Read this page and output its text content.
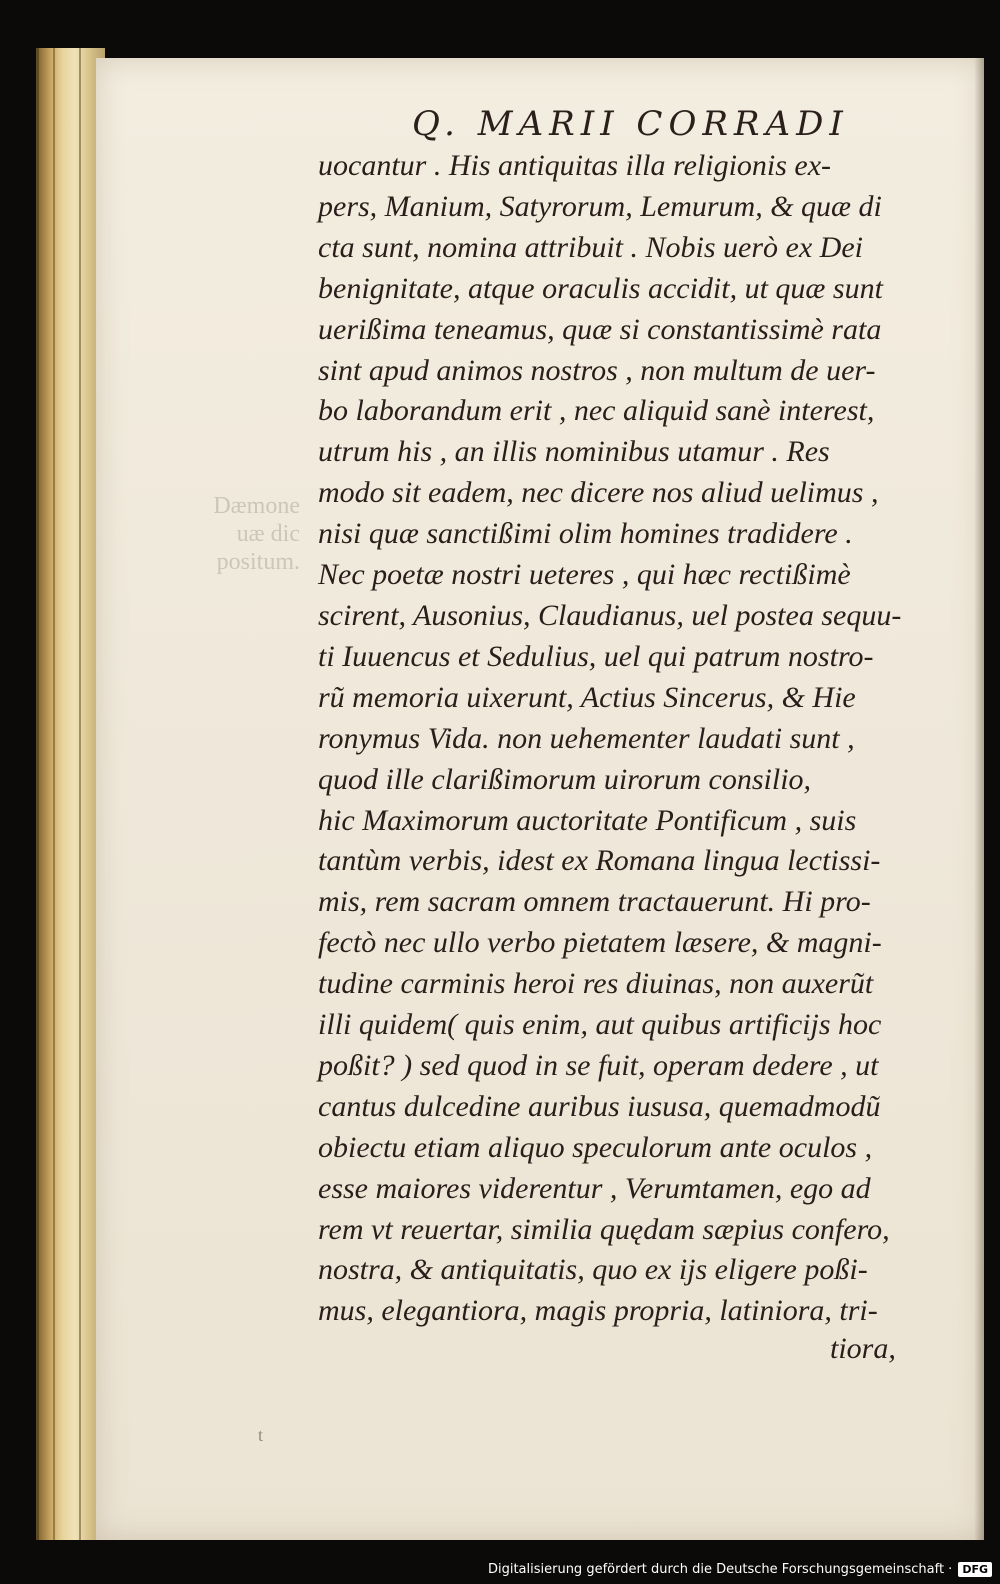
Dæmone
uæ dic
positum.
Q. MARII CORRADI
uocantur . His antiquitas illa religionis ex-
pers, Manium, Satyrorum, Lemurum, & quæ di
cta sunt, nomina attribuit . Nobis uerò ex Dei
benignitate, atque oraculis accidit, ut quæ sunt
uerißima teneamus, quæ si constantissimè rata
sint apud animos nostros , non multum de uer-
bo laborandum erit , nec aliquid sanè interest,
utrum his , an illis nominibus utamur . Res
modo sit eadem, nec dicere nos aliud uelimus ,
nisi quæ sanctißimi olim homines tradidere .
Nec poetæ nostri ueteres , qui hæc rectißimè
scirent, Ausonius, Claudianus, uel postea sequu-
ti Iuuencus et Sedulius, uel qui patrum nostro-
rũ memoria uixerunt, Actius Sincerus, & Hie
ronymus Vida. non uehementer laudati sunt ,
quod ille clarißimorum uirorum consilio,
hic Maximorum auctoritate Pontificum , suis
tantùm verbis, idest ex Romana lingua lectissi-
mis, rem sacram omnem tractauerunt. Hi pro-
fectò nec ullo verbo pietatem læsere, & magni-
tudine carminis heroi res diuinas, non auxerũt
illi quidem( quis enim, aut quibus artificijs hoc
poßit? ) sed quod in se fuit, operam dedere , ut
cantus dulcedine auribus iususa, quemadmodũ
obiectu etiam aliquo speculorum ante oculos ,
esse maiores viderentur , Verumtamen, ego ad
rem vt reuertar, similia quędam sæpius confero,
nostra, & antiquitatis, quo ex ijs eligere poßi-
mus, elegantiora, magis propria, latiniora, tri-
tiora,
t
Digitalisierung gefördert durch die Deutsche Forschungsgemeinschaft · DFG
